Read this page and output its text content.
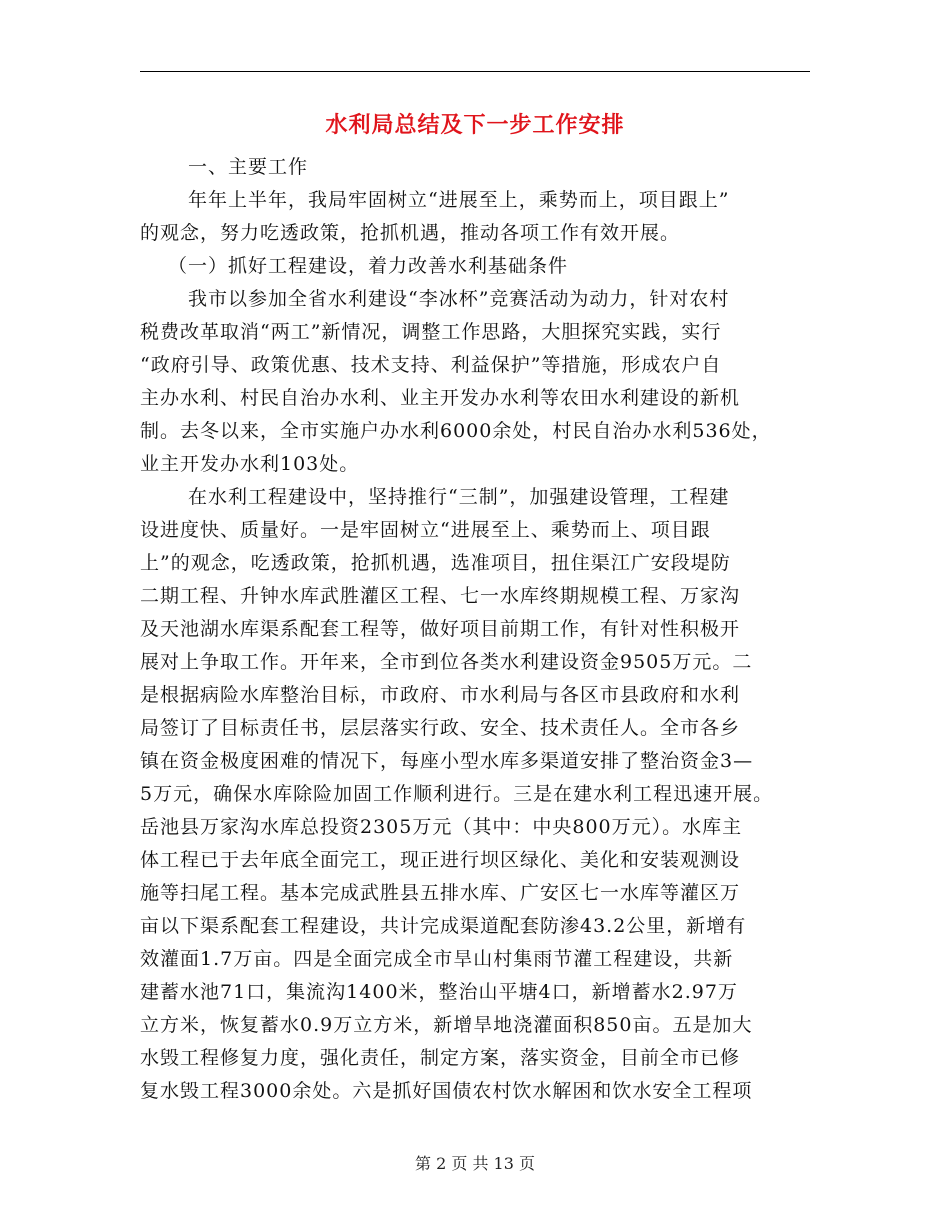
水利局总结及下一步工作安排

一、主要工作

年年上半年，我局牢固树立“进展至上，乘势而上，项目跟上”

的观念，努力吃透政策，抢抓机遇，推动各项工作有效开展。

（一）抓好工程建设，着力改善水利基础条件

我市以参加全省水利建设“李冰杯”竞赛活动为动力，针对农村

税费改革取消“两工”新情况，调整工作思路，大胆探究实践，实行

“政府引导、政策优惠、技术支持、利益保护”等措施，形成农户自

主办水利、村民自治办水利、业主开发办水利等农田水利建设的新机

制。去冬以来，全市实施户办水利6000余处，村民自治办水利536处，

业主开发办水利103处。

在水利工程建设中，坚持推行“三制”，加强建设管理，工程建

设进度快、质量好。一是牢固树立“进展至上、乘势而上、项目跟

上”的观念，吃透政策，抢抓机遇，选准项目，扭住渠江广安段堤防

二期工程、升钟水库武胜灌区工程、七一水库终期规模工程、万家沟

及天池湖水库渠系配套工程等，做好项目前期工作，有针对性积极开

展对上争取工作。开年来，全市到位各类水利建设资金9505万元。二

是根据病险水库整治目标，市政府、市水利局与各区市县政府和水利

局签订了目标责任书，层层落实行政、安全、技术责任人。全市各乡

镇在资金极度困难的情况下，每座小型水库多渠道安排了整治资金3—

5万元，确保水库除险加固工作顺利进行。三是在建水利工程迅速开展。

岳池县万家沟水库总投资2305万元（其中：中央800万元）。水库主

体工程已于去年底全面完工，现正进行坝区绿化、美化和安装观测设

施等扫尾工程。基本完成武胜县五排水库、广安区七一水库等灌区万

亩以下渠系配套工程建设，共计完成渠道配套防渗43.2公里，新增有

效灌面1.7万亩。四是全面完成全市旱山村集雨节灌工程建设，共新

建蓄水池71口，集流沟1400米，整治山平塘4口，新增蓄水2.97万

立方米，恢复蓄水0.9万立方米，新增旱地浇灌面积850亩。五是加大

水毁工程修复力度，强化责任，制定方案，落实资金，目前全市已修

复水毁工程3000余处。六是抓好国债农村饮水解困和饮水安全工程项

第 2 页 共 13 页
